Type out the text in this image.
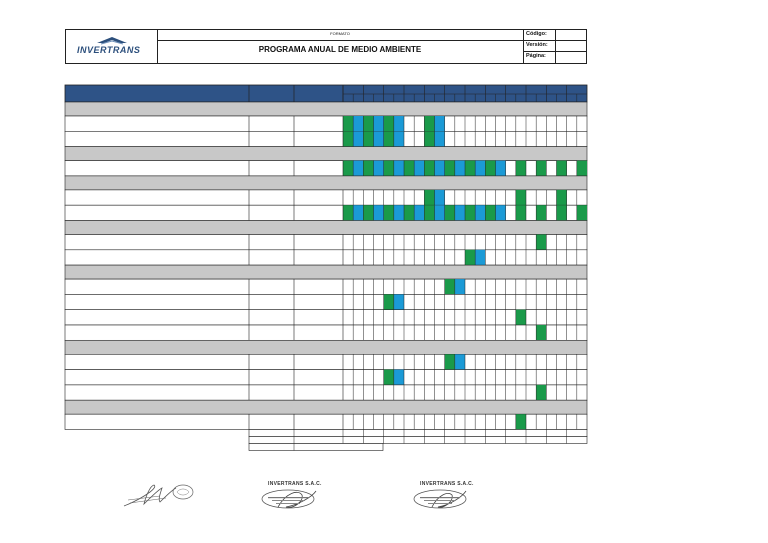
INVERTRANS
FORMATO
PROGRAMA ANUAL DE MEDIO AMBIENTE
Código:
Versión:
Página:
INVERTRANS S.A.C.	INVERTRANS S.A.C.
